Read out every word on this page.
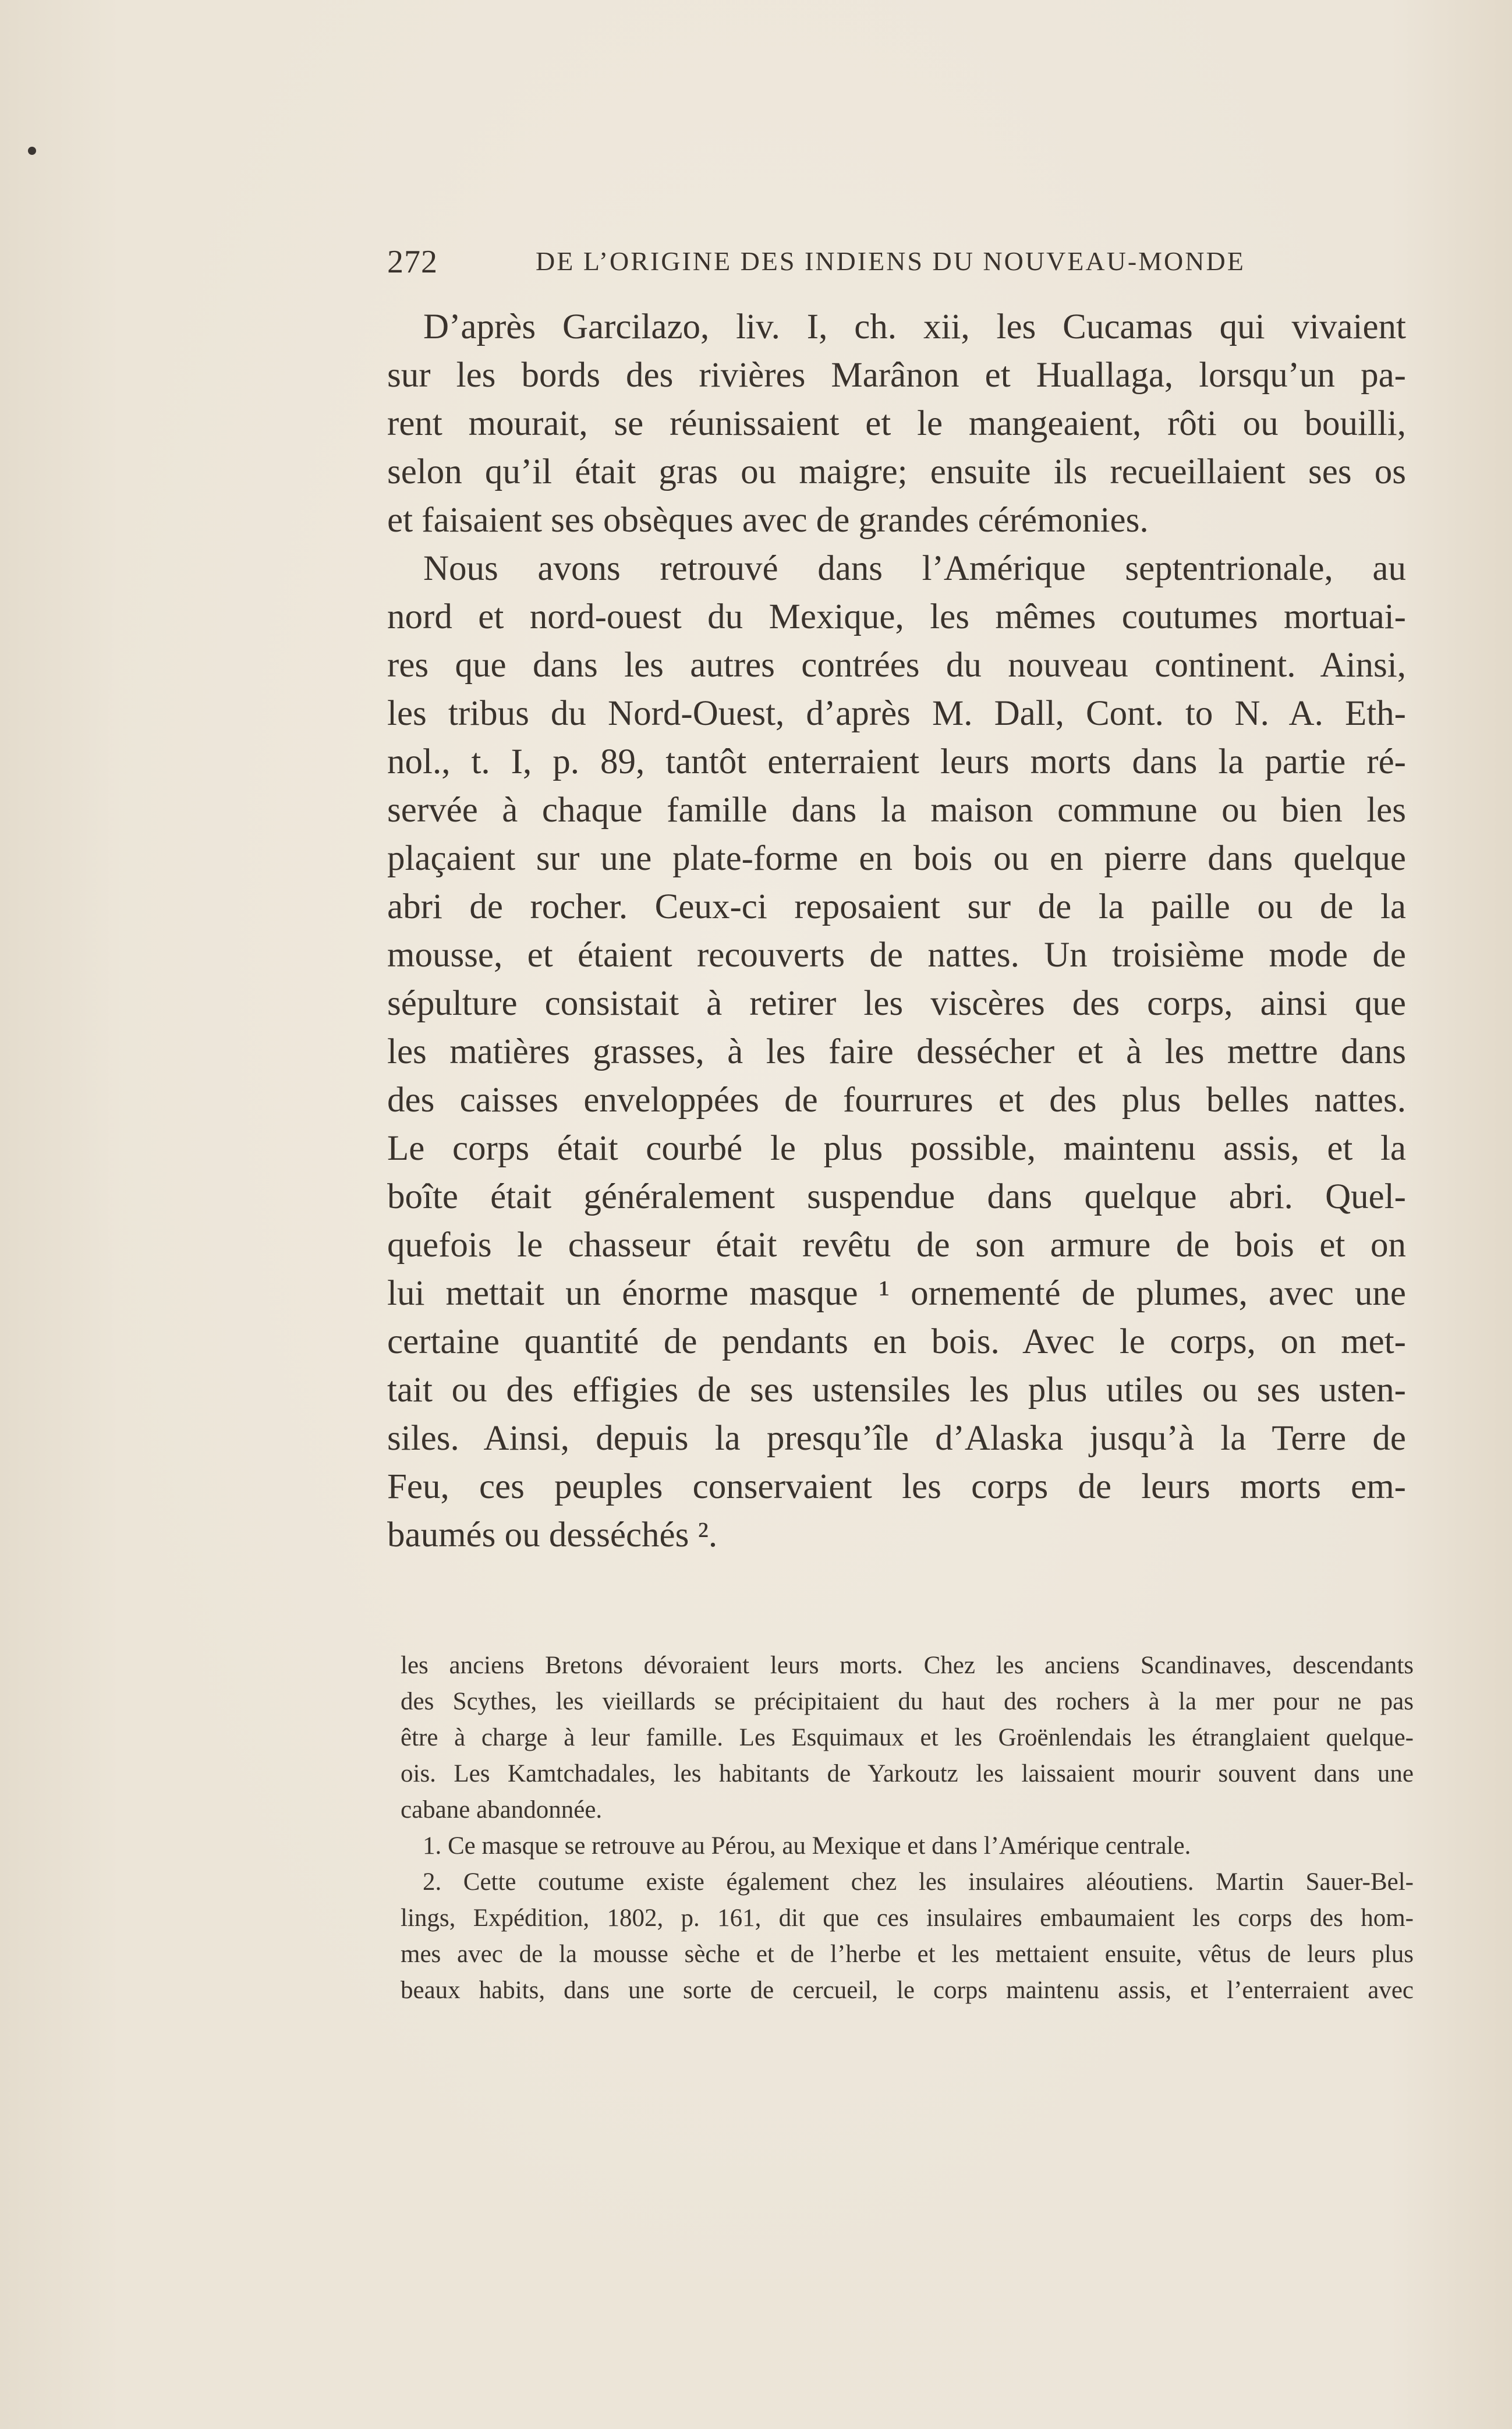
272	DE L’ORIGINE DES INDIENS DU NOUVEAU-MONDE
D’après Garcilazo, liv. I, ch. xii, les Cucamas qui vivaient
sur les bords des rivières Marânon et Huallaga, lorsqu’un pa-
rent mourait, se réunissaient et le mangeaient, rôti ou bouilli,
selon qu’il était gras ou maigre; ensuite ils recueillaient ses os
et faisaient ses obsèques avec de grandes cérémonies.
Nous avons retrouvé dans l’Amérique septentrionale, au
nord et nord-ouest du Mexique, les mêmes coutumes mortuai-
res que dans les autres contrées du nouveau continent. Ainsi,
les tribus du Nord-Ouest, d’après M. Dall, Cont. to N. A. Eth-
nol., t. I, p. 89, tantôt enterraient leurs morts dans la partie ré-
servée à chaque famille dans la maison commune ou bien les
plaçaient sur une plate-forme en bois ou en pierre dans quelque
abri de rocher. Ceux-ci reposaient sur de la paille ou de la
mousse, et étaient recouverts de nattes. Un troisième mode de
sépulture consistait à retirer les viscères des corps, ainsi que
les matières grasses, à les faire dessécher et à les mettre dans
des caisses enveloppées de fourrures et des plus belles nattes.
Le corps était courbé le plus possible, maintenu assis, et la
boîte était généralement suspendue dans quelque abri. Quel-
quefois le chasseur était revêtu de son armure de bois et on
lui mettait un énorme masque ¹ ornementé de plumes, avec une
certaine quantité de pendants en bois. Avec le corps, on met-
tait ou des effigies de ses ustensiles les plus utiles ou ses usten-
siles. Ainsi, depuis la presqu’île d’Alaska jusqu’à la Terre de
Feu, ces peuples conservaient les corps de leurs morts em-
baumés ou desséchés ².
les anciens Bretons dévoraient leurs morts. Chez les anciens Scandinaves, descendants
des Scythes, les vieillards se précipitaient du haut des rochers à la mer pour ne pas
être à charge à leur famille. Les Esquimaux et les Groënlendais les étranglaient quelque-
ois. Les Kamtchadales, les habitants de Yarkoutz les laissaient mourir souvent dans une
cabane abandonnée.
1. Ce masque se retrouve au Pérou, au Mexique et dans l’Amérique centrale.
2. Cette coutume existe également chez les insulaires aléoutiens. Martin Sauer-Bel-
lings, Expédition, 1802, p. 161, dit que ces insulaires embaumaient les corps des hom-
mes avec de la mousse sèche et de l’herbe et les mettaient ensuite, vêtus de leurs plus
beaux habits, dans une sorte de cercueil, le corps maintenu assis, et l’enterraient avec
